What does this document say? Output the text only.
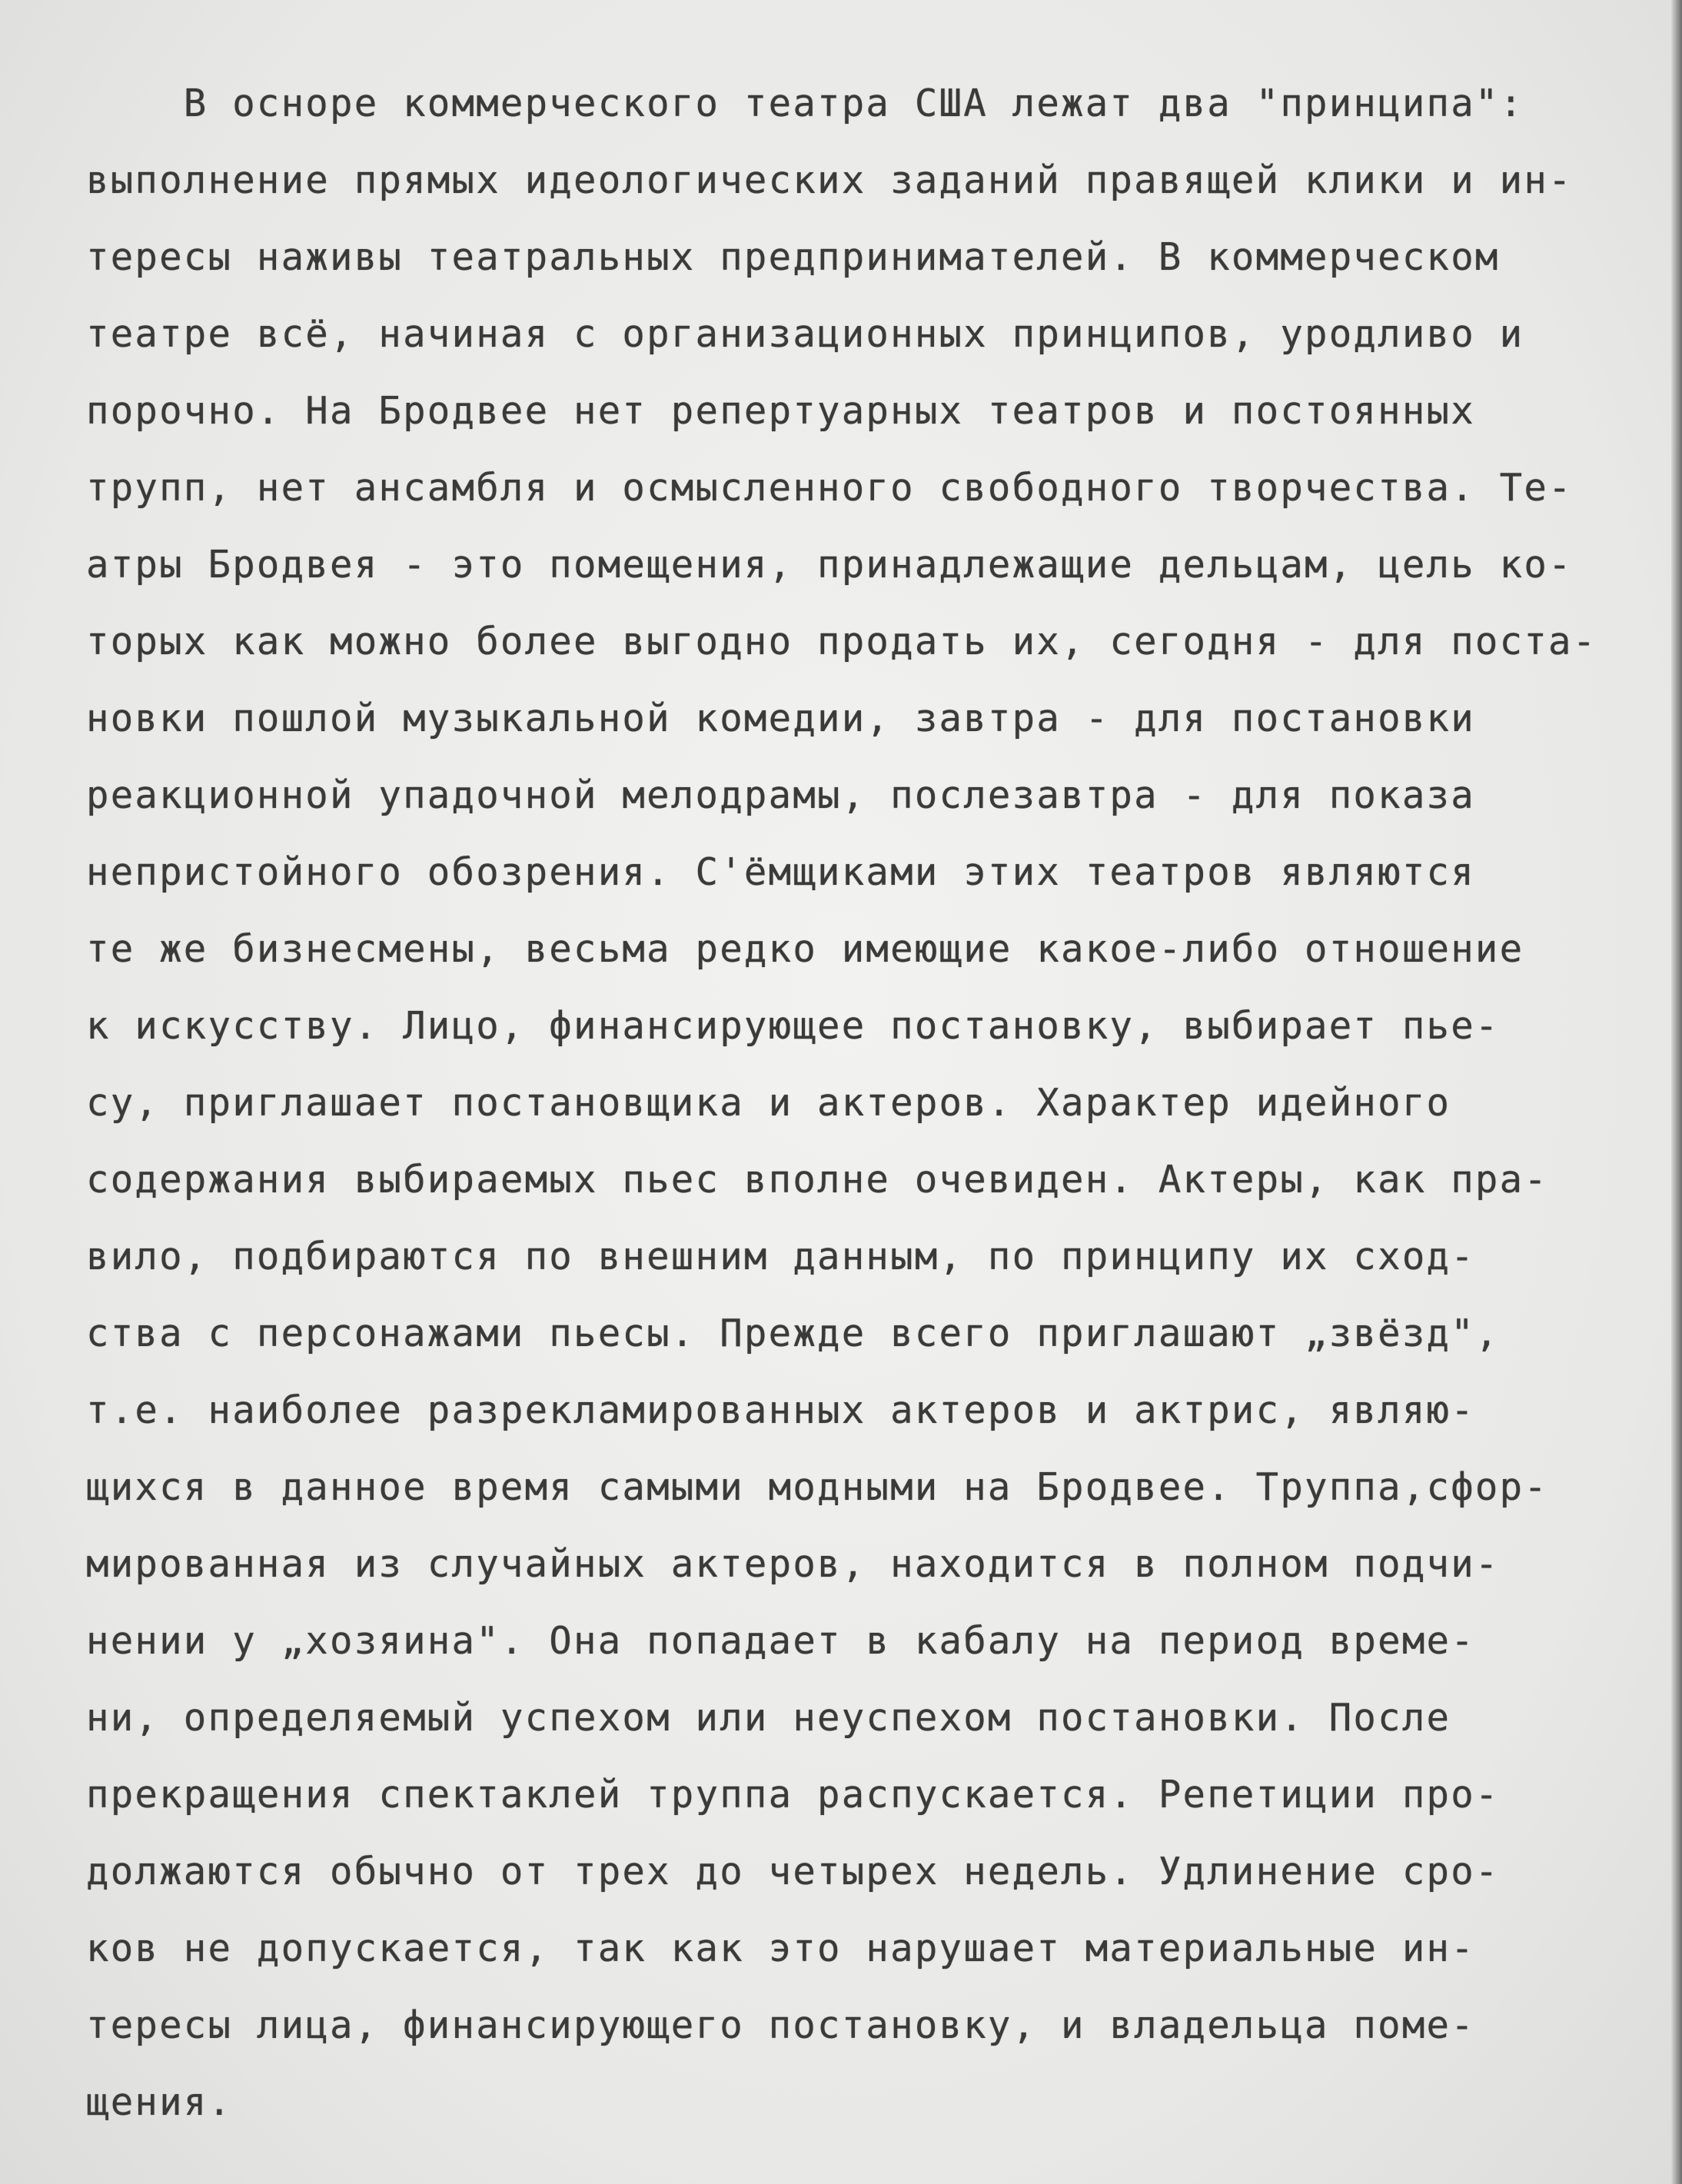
В осноре коммерческого театра США лежат два "принципа":
выполнение прямых идеологических заданий правящей клики и ин-
тересы наживы театральных предпринимателей. В коммерческом
театре всё, начиная с организационных принципов, уродливо и
порочно. На Бродвее нет репертуарных театров и постоянных
трупп, нет ансамбля и осмысленного свободного творчества. Те-
атры Бродвея - это помещения, принадлежащие дельцам, цель ко-
торых как можно более выгодно продать их, сегодня - для поста-
новки пошлой музыкальной комедии, завтра - для постановки
реакционной упадочной мелодрамы, послезавтра - для показа
непристойного обозрения. С'ёмщиками этих театров являются
те же бизнесмены, весьма редко имеющие какое-либо отношение
к искусству. Лицо, финансирующее постановку, выбирает пье-
су, приглашает постановщика и актеров. Характер идейного
содержания выбираемых пьес вполне очевиден. Актеры, как пра-
вило, подбираются по внешним данным, по принципу их сход-
ства с персонажами пьесы. Прежде всего приглашают „звёзд",
т.е. наиболее разрекламированных актеров и актрис, являю-
щихся в данное время самыми модными на Бродвее. Труппа,сфор-
мированная из случайных актеров, находится в полном подчи-
нении у „хозяина". Она попадает в кабалу на период време-
ни, определяемый успехом или неуспехом постановки. После
прекращения спектаклей труппа распускается. Репетиции про-
должаются обычно от трех до четырех недель. Удлинение сро-
ков не допускается, так как это нарушает материальные ин-
тересы лица, финансирующего постановку, и владельца поме-
щения.
